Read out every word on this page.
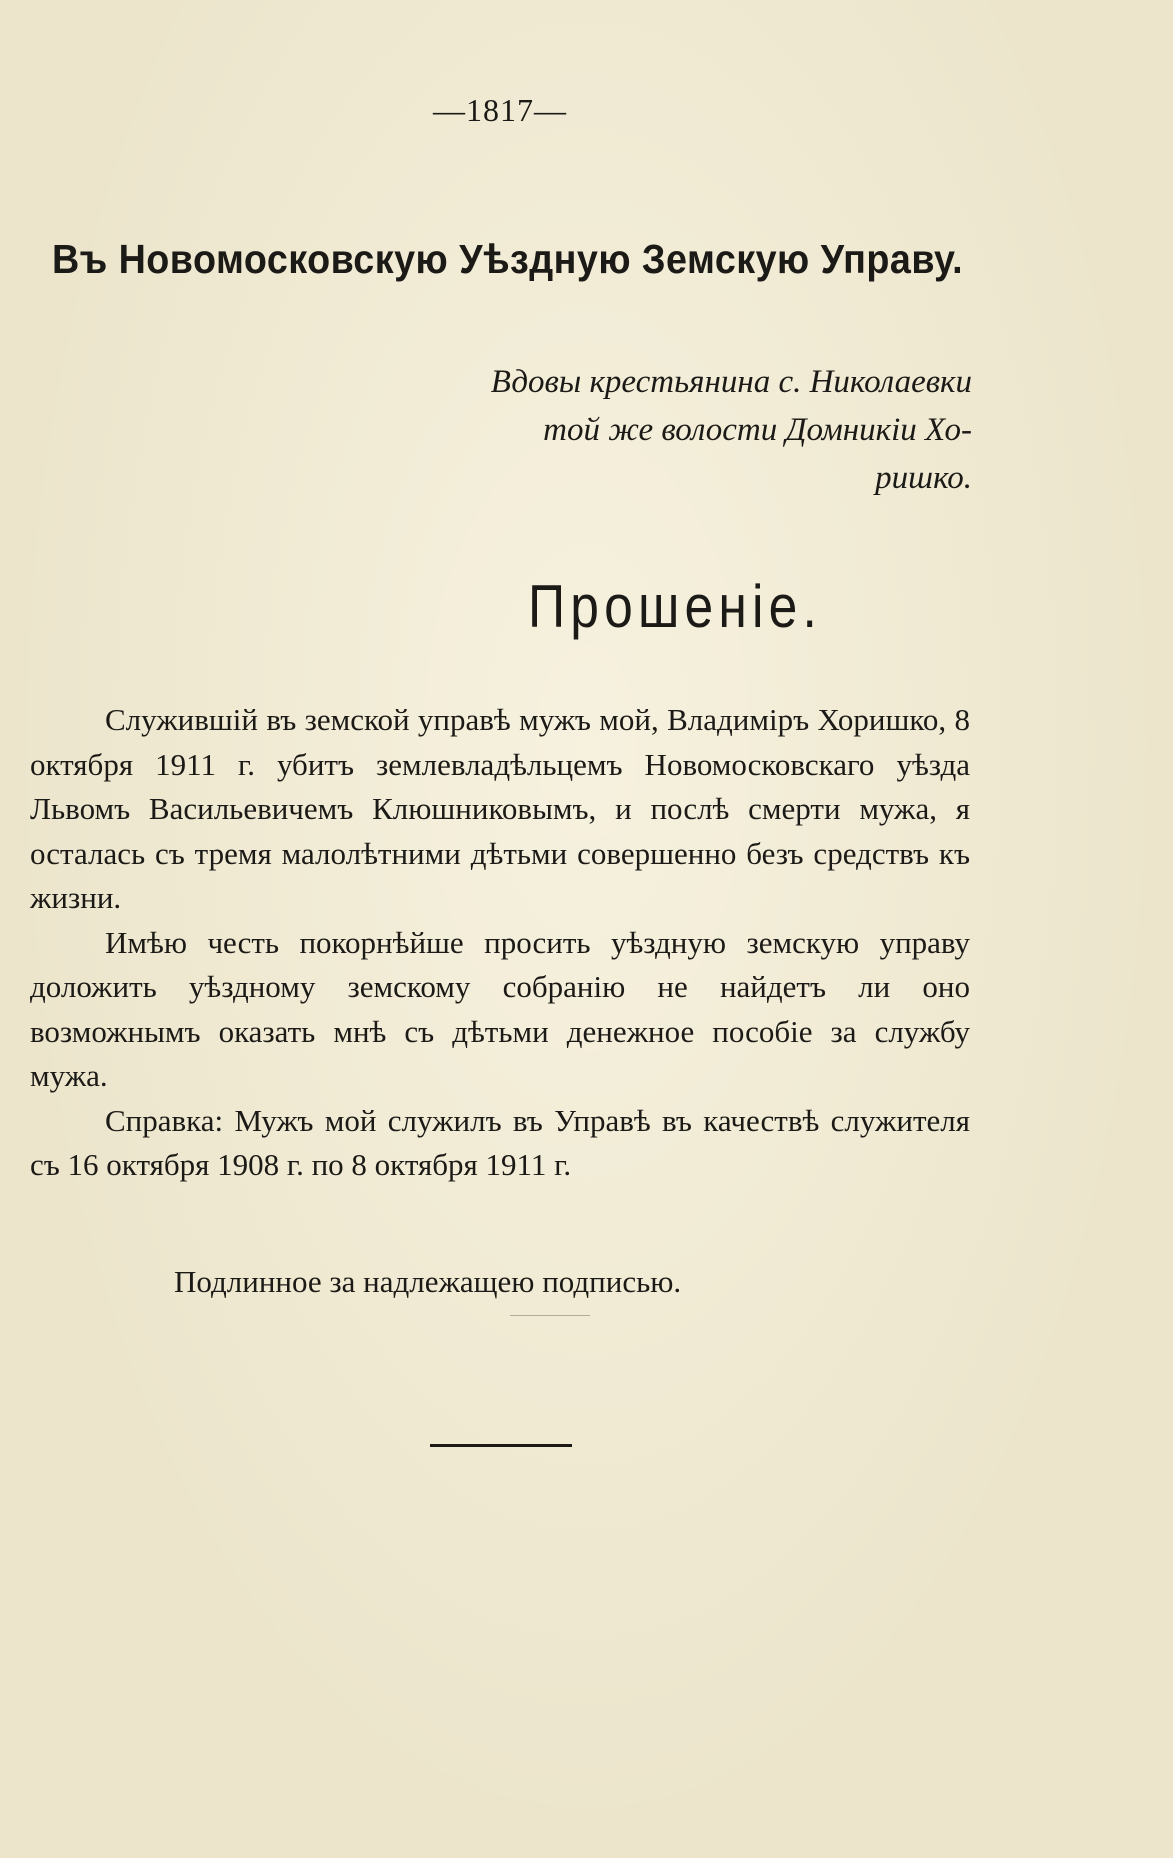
—1817—
Въ Новомосковскую Уѣздную Земскую Управу.
Вдовы крестьянина с. Николаевки
той же волости Домникіи Хо-
ришко.
Прошеніе.

Служившій въ земской управѣ мужъ мой, Владиміръ Хоришко, 8 октября 1911 г. убитъ землевладѣльцемъ Новомосковскаго уѣзда Львомъ Васильевичемъ Клюшниковымъ, и послѣ смерти мужа, я осталась съ тремя малолѣтними дѣтьми совершенно безъ средствъ къ жизни.

Имѣю честь покорнѣйше просить уѣздную земскую управу доложить уѣздному земскому собранію не найдетъ ли оно возможнымъ оказать мнѣ съ дѣтьми денежное пособіе за службу мужа.

Справка: Мужъ мой служилъ въ Управѣ въ качествѣ служителя съ 16 октября 1908 г. по 8 октября 1911 г.

Подлинное за надлежащею подписью.
